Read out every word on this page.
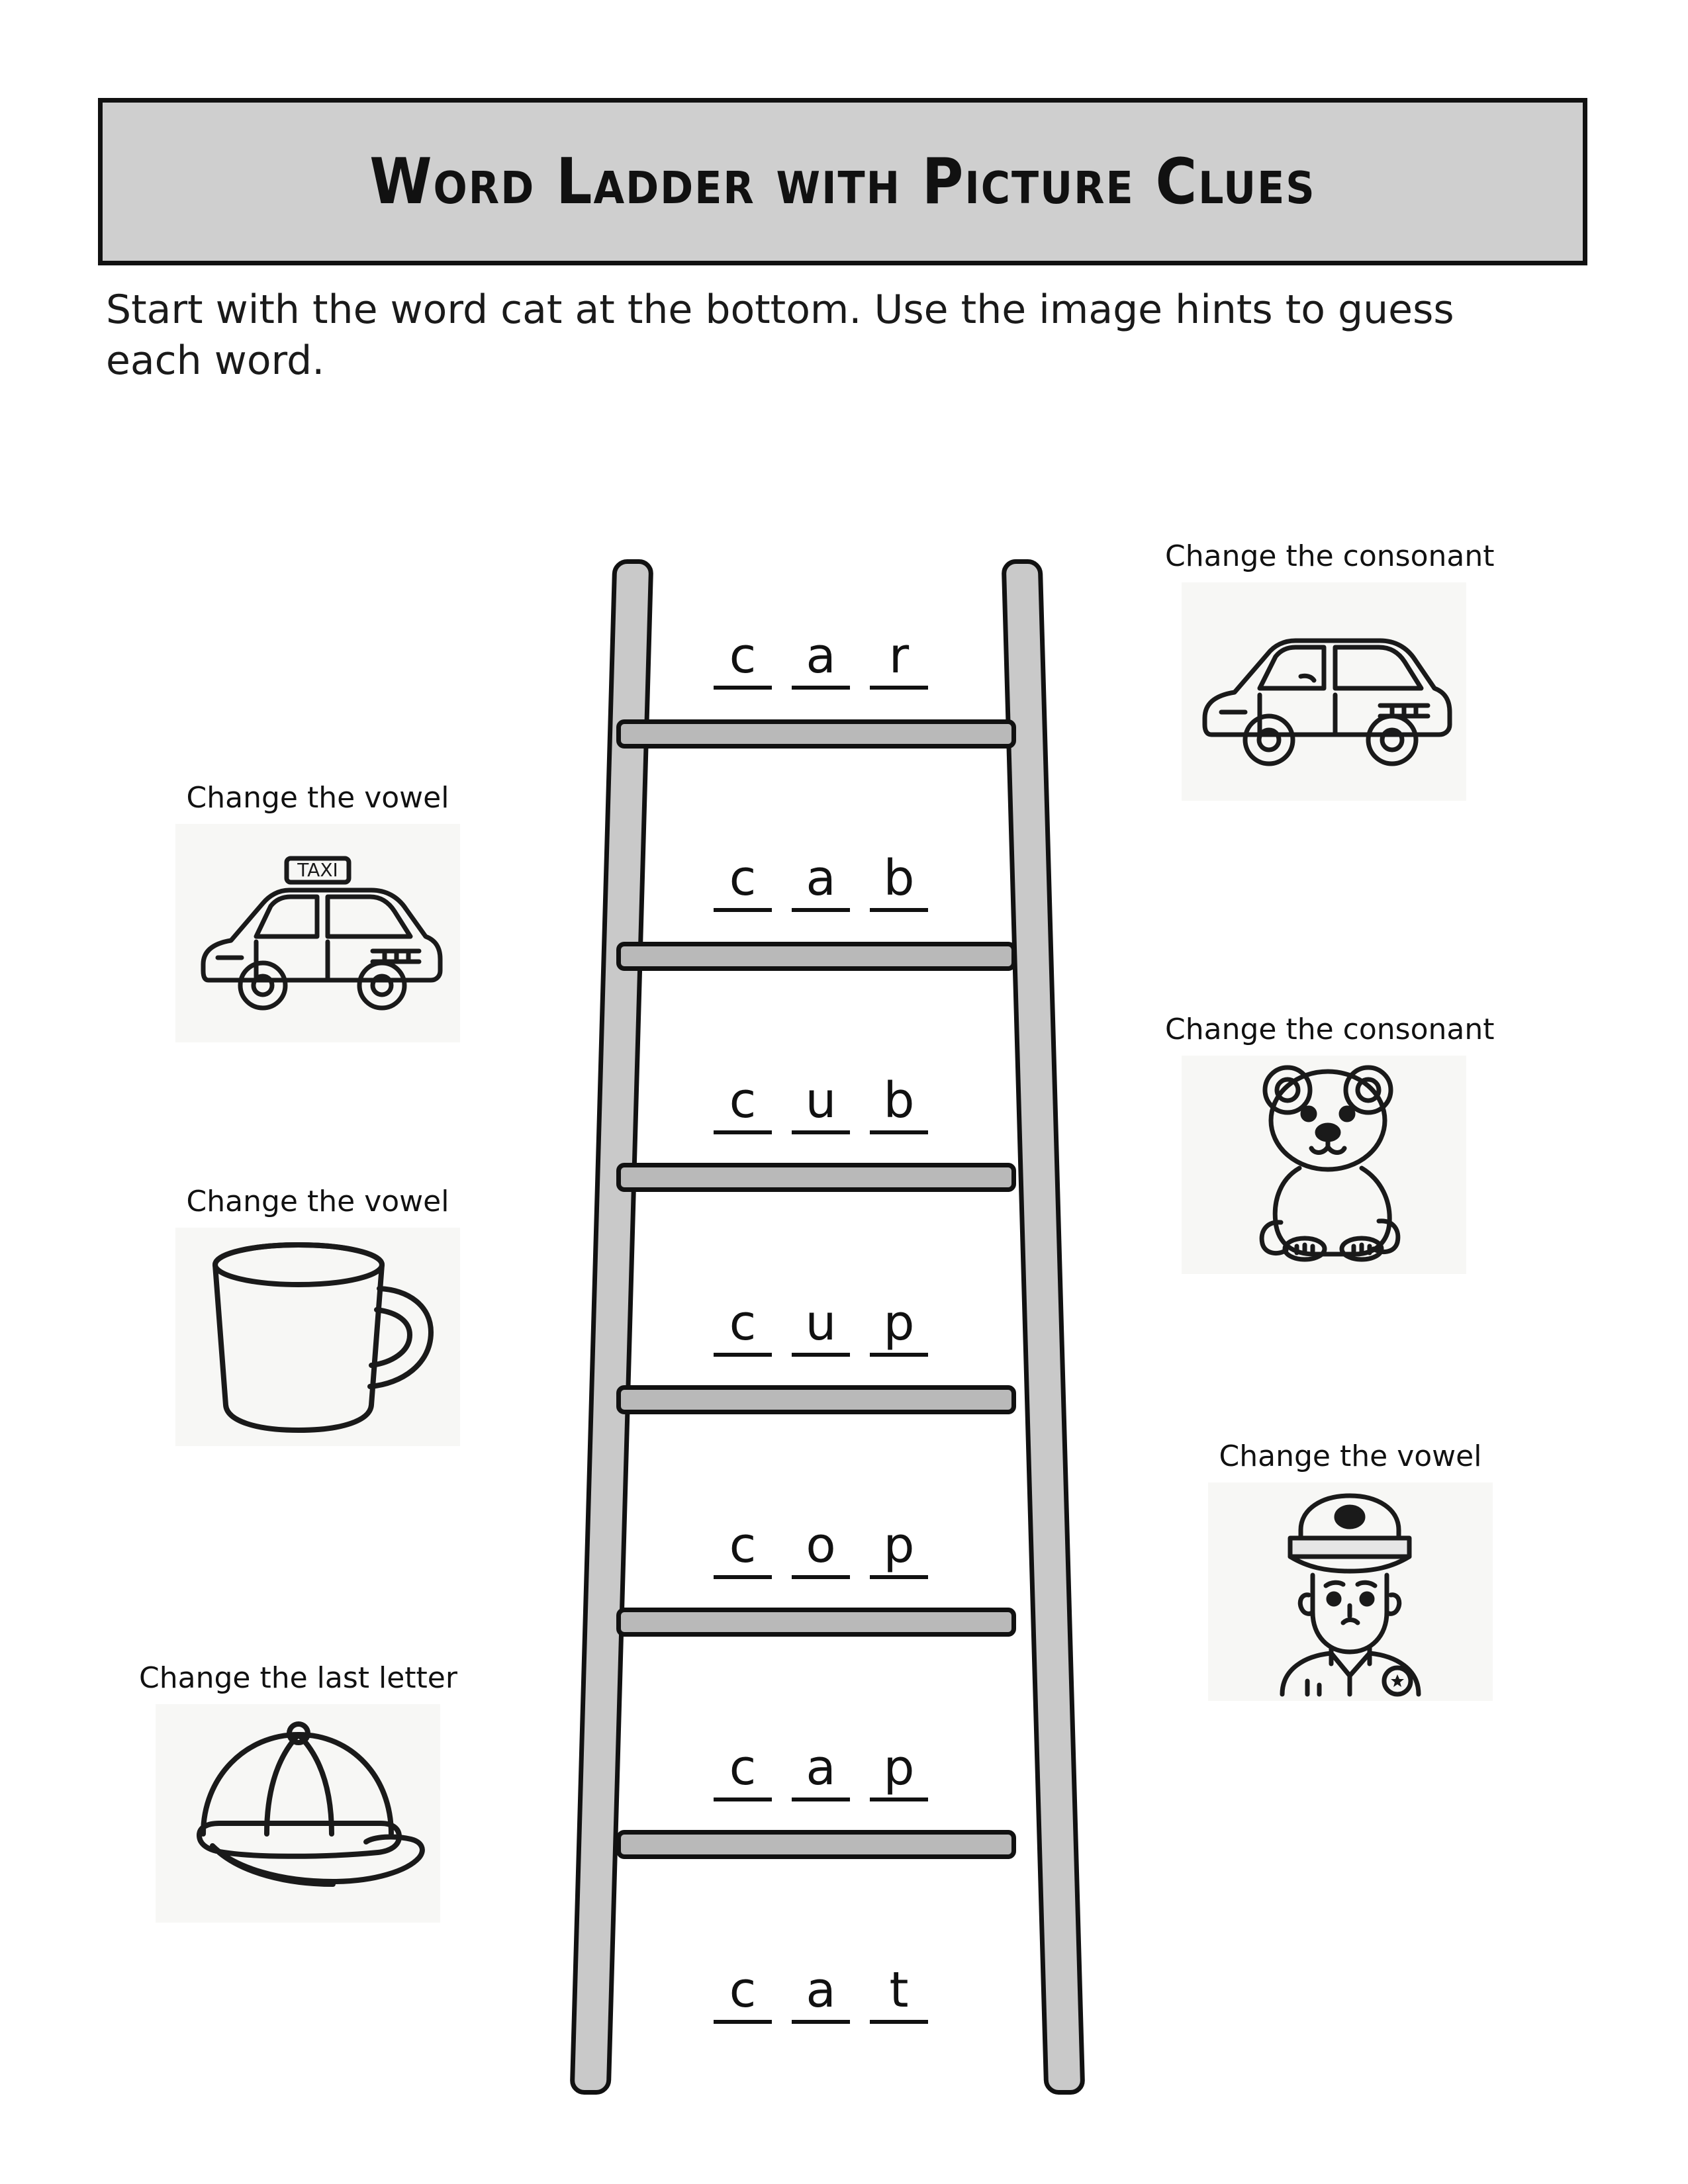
Word Ladder with Picture Clues
Start with the word cat at the bottom. Use the image hints to guess each word.
c	a	r
c	a b
c	u b
c	u p
c	o p
c	a p
c	a	t
Change the consonant
Change the consonant
Change the vowel
Change the vowel
TAXI
Change the vowel
Change the last letter
